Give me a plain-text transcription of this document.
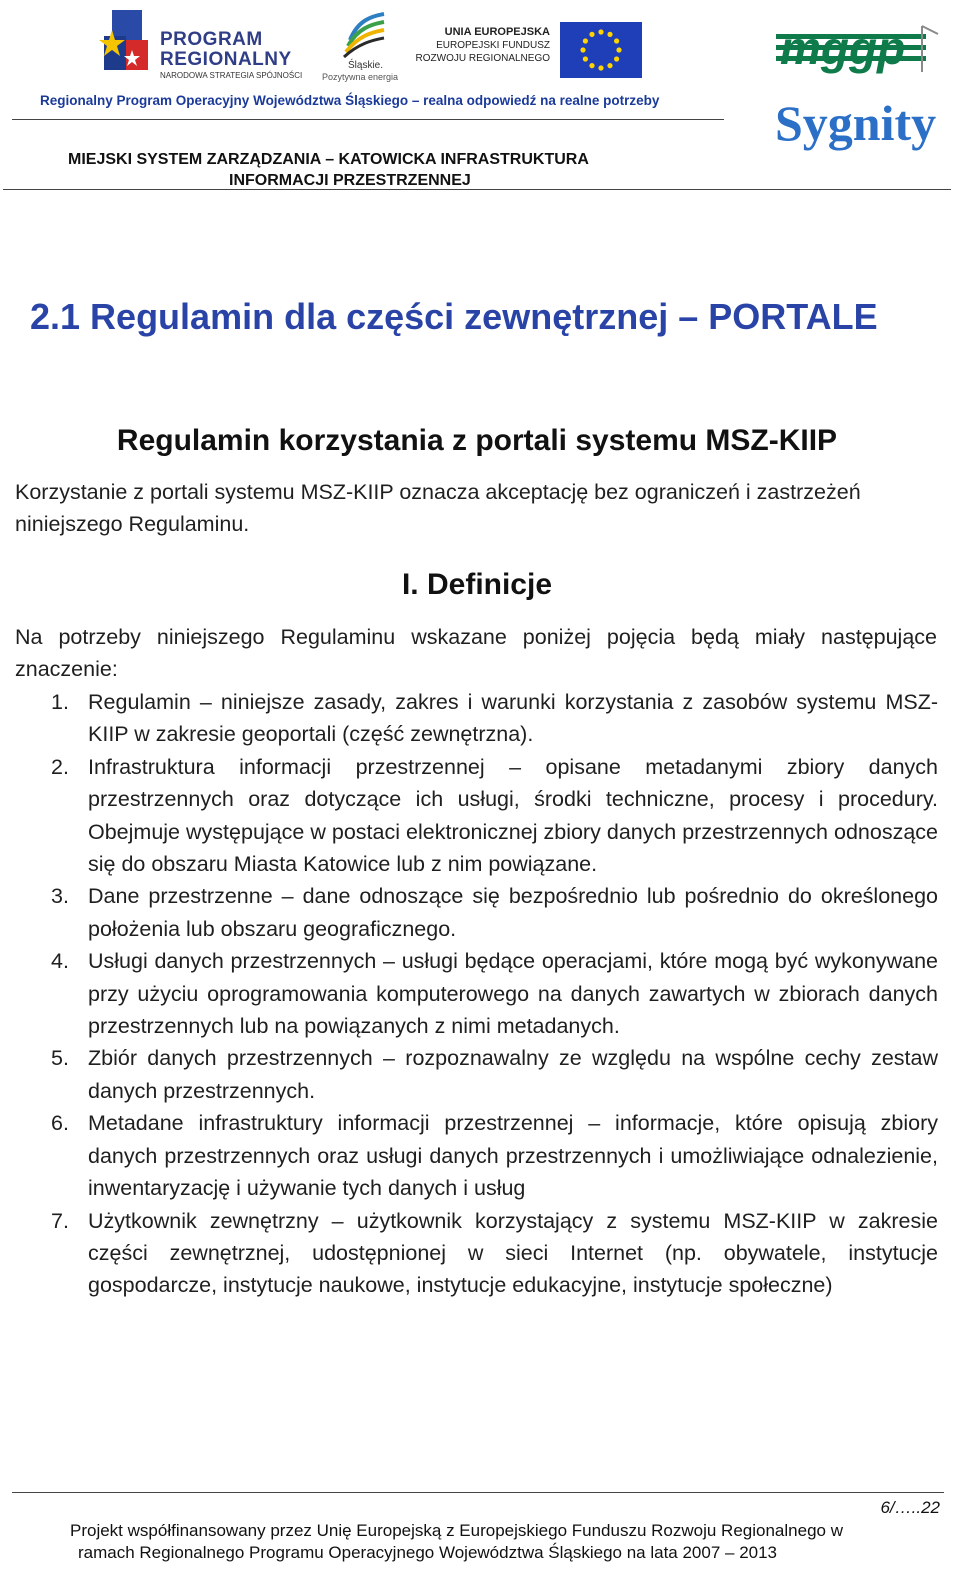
PROGRAM
REGIONALNY
NARODOWA STRATEGIA SPÓJNOŚCI
Śląskie.
Pozytywna energia
UNIA EUROPEJSKA
EUROPEJSKI FUNDUSZ
ROZWOJU REGIONALNEGO	mggp
Sygnity
Regionalny Program Operacyjny Województwa Śląskiego – realna odpowiedź na realne potrzeby
MIEJSKI SYSTEM ZARZĄDZANIA – KATOWICKA INFRASTRUKTURA
INFORMACJI PRZESTRZENNEJ
2.1 Regulamin dla części zewnętrznej – PORTALE
Regulamin korzystania z portali systemu MSZ-KIIP

Korzystanie z portali systemu MSZ-KIIP oznacza akceptację bez ograniczeń i zastrzeżeń niniejszego Regulaminu.

I. Definicje

Na potrzeby niniejszego Regulaminu wskazane poniżej pojęcia będą miały następujące znaczenie:

1. Regulamin – niniejsze zasady, zakres i warunki korzystania z zasobów systemu MSZ-KIIP w zakresie geoportali (część zewnętrzna).
2. Infrastruktura informacji przestrzennej – opisane metadanymi zbiory danych przestrzennych oraz dotyczące ich usługi, środki techniczne, procesy i procedury. Obejmuje występujące w postaci elektronicznej zbiory danych przestrzennych odnoszące się do obszaru Miasta Katowice lub z nim powiązane.
3. Dane przestrzenne – dane odnoszące się bezpośrednio lub pośrednio do określonego położenia lub obszaru geograficznego.
4. Usługi danych przestrzennych – usługi będące operacjami, które mogą być wykonywane przy użyciu oprogramowania komputerowego na danych zawartych w zbiorach danych przestrzennych lub na powiązanych z nimi metadanych.
5. Zbiór danych przestrzennych – rozpoznawalny ze względu na wspólne cechy zestaw danych przestrzennych.
6. Metadane infrastruktury informacji przestrzennej – informacje, które opisują zbiory danych przestrzennych oraz usługi danych przestrzennych i umożliwiające odnalezienie, inwentaryzację i używanie tych danych i usług
7. Użytkownik zewnętrzny – użytkownik korzystający z systemu MSZ-KIIP w zakresie części zewnętrznej, udostępnionej w sieci Internet (np. obywatele, instytucje gospodarcze, instytucje naukowe, instytucje edukacyjne, instytucje społeczne)
6/…..22
Projekt współfinansowany przez Unię Europejską z Europejskiego Funduszu Rozwoju Regionalnego w
ramach Regionalnego Programu Operacyjnego Województwa Śląskiego na lata 2007 – 2013
